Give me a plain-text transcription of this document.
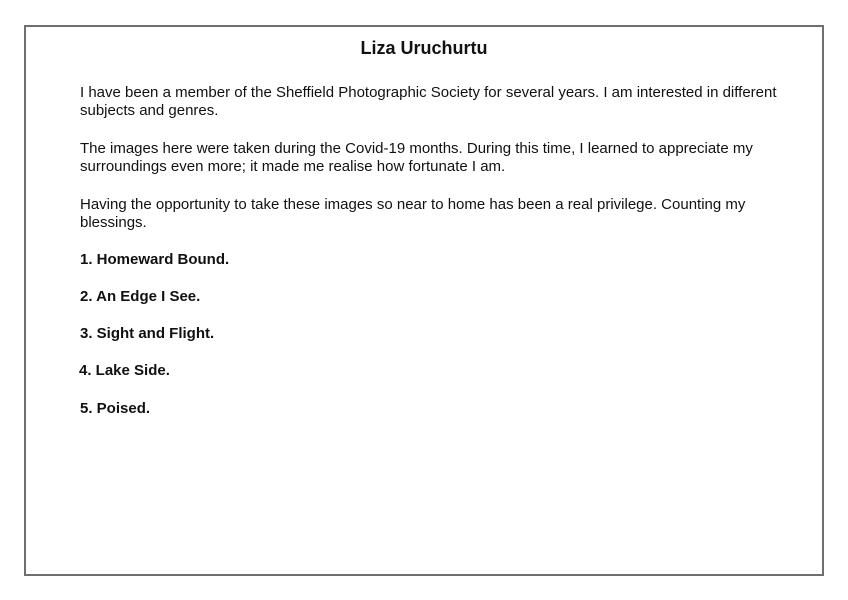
Liza Uruchurtu

I have been a member of the Sheffield Photographic Society for several years. I am interested in different subjects and genres.

The images here were taken during the Covid-19 months. During this time, I learned to appreciate my surroundings even more; it made me realise how fortunate I am.

Having the opportunity to take these images so near to home has been a real privilege. Counting my blessings.

1. Homeward Bound.

2. An Edge I See.

3. Sight and Flight.

4. Lake Side.

5. Poised.
